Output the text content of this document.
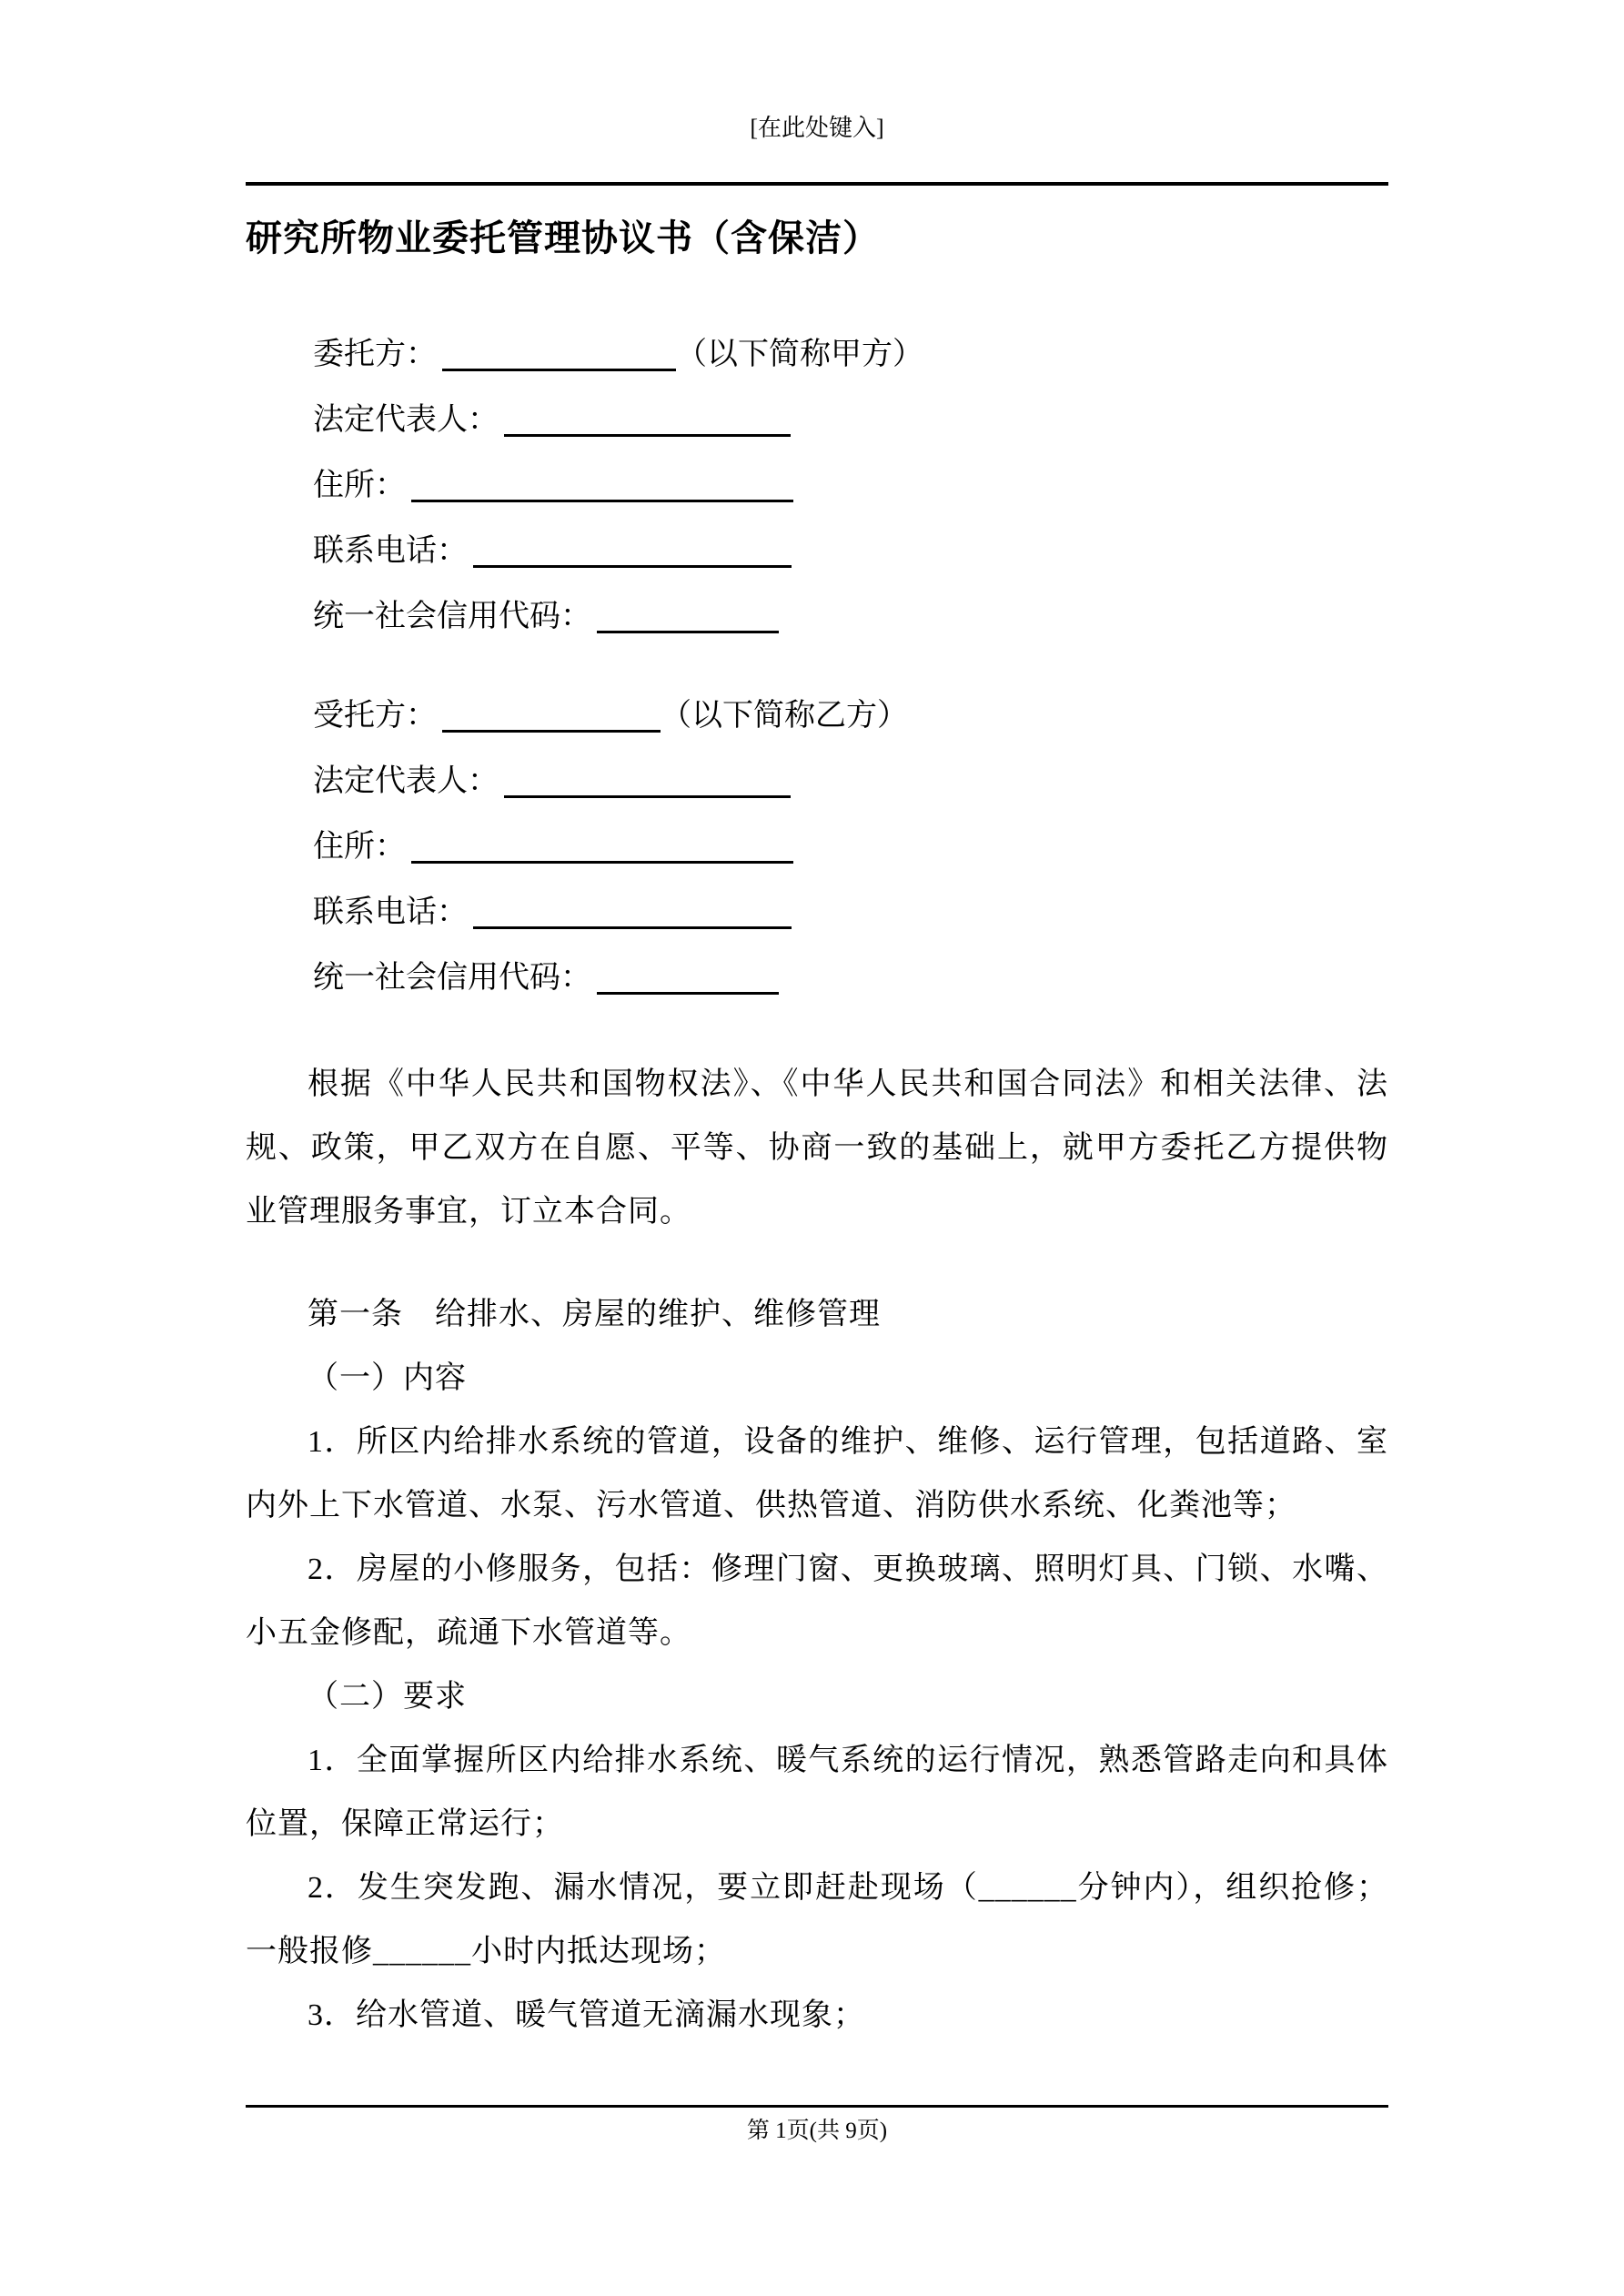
[在此处键入]
研究所物业委托管理协议书（含保洁）
委托方：	（以下简称甲方）
法定代表人：
住所：
联系电话：
统一社会信用代码：
受托方：	（以下简称乙方）
法定代表人：
住所：
联系电话：
统一社会信用代码：

根据《中华人民共和国物权法》、《中华人民共和国合同法》和相关法律、法规、政策，甲乙双方在自愿、平等、协商一致的基础上，就甲方委托乙方提供物业管理服务事宜，订立本合同。

第一条　给排水、房屋的维护、维修管理

（一）内容

1．所区内给排水系统的管道，设备的维护、维修、运行管理，包括道路、室内外上下水管道、水泵、污水管道、供热管道、消防供水系统、化粪池等；

2．房屋的小修服务，包括：修理门窗、更换玻璃、照明灯具、门锁、水嘴、小五金修配，疏通下水管道等。

（二）要求

1．全面掌握所区内给排水系统、暖气系统的运行情况，熟悉管路走向和具体位置，保障正常运行；

2．发生突发跑、漏水情况，要立即赶赴现场（______分钟内），组织抢修；一般报修______小时内抵达现场；

3．给水管道、暖气管道无滴漏水现象；

第 1页(共 9页)
